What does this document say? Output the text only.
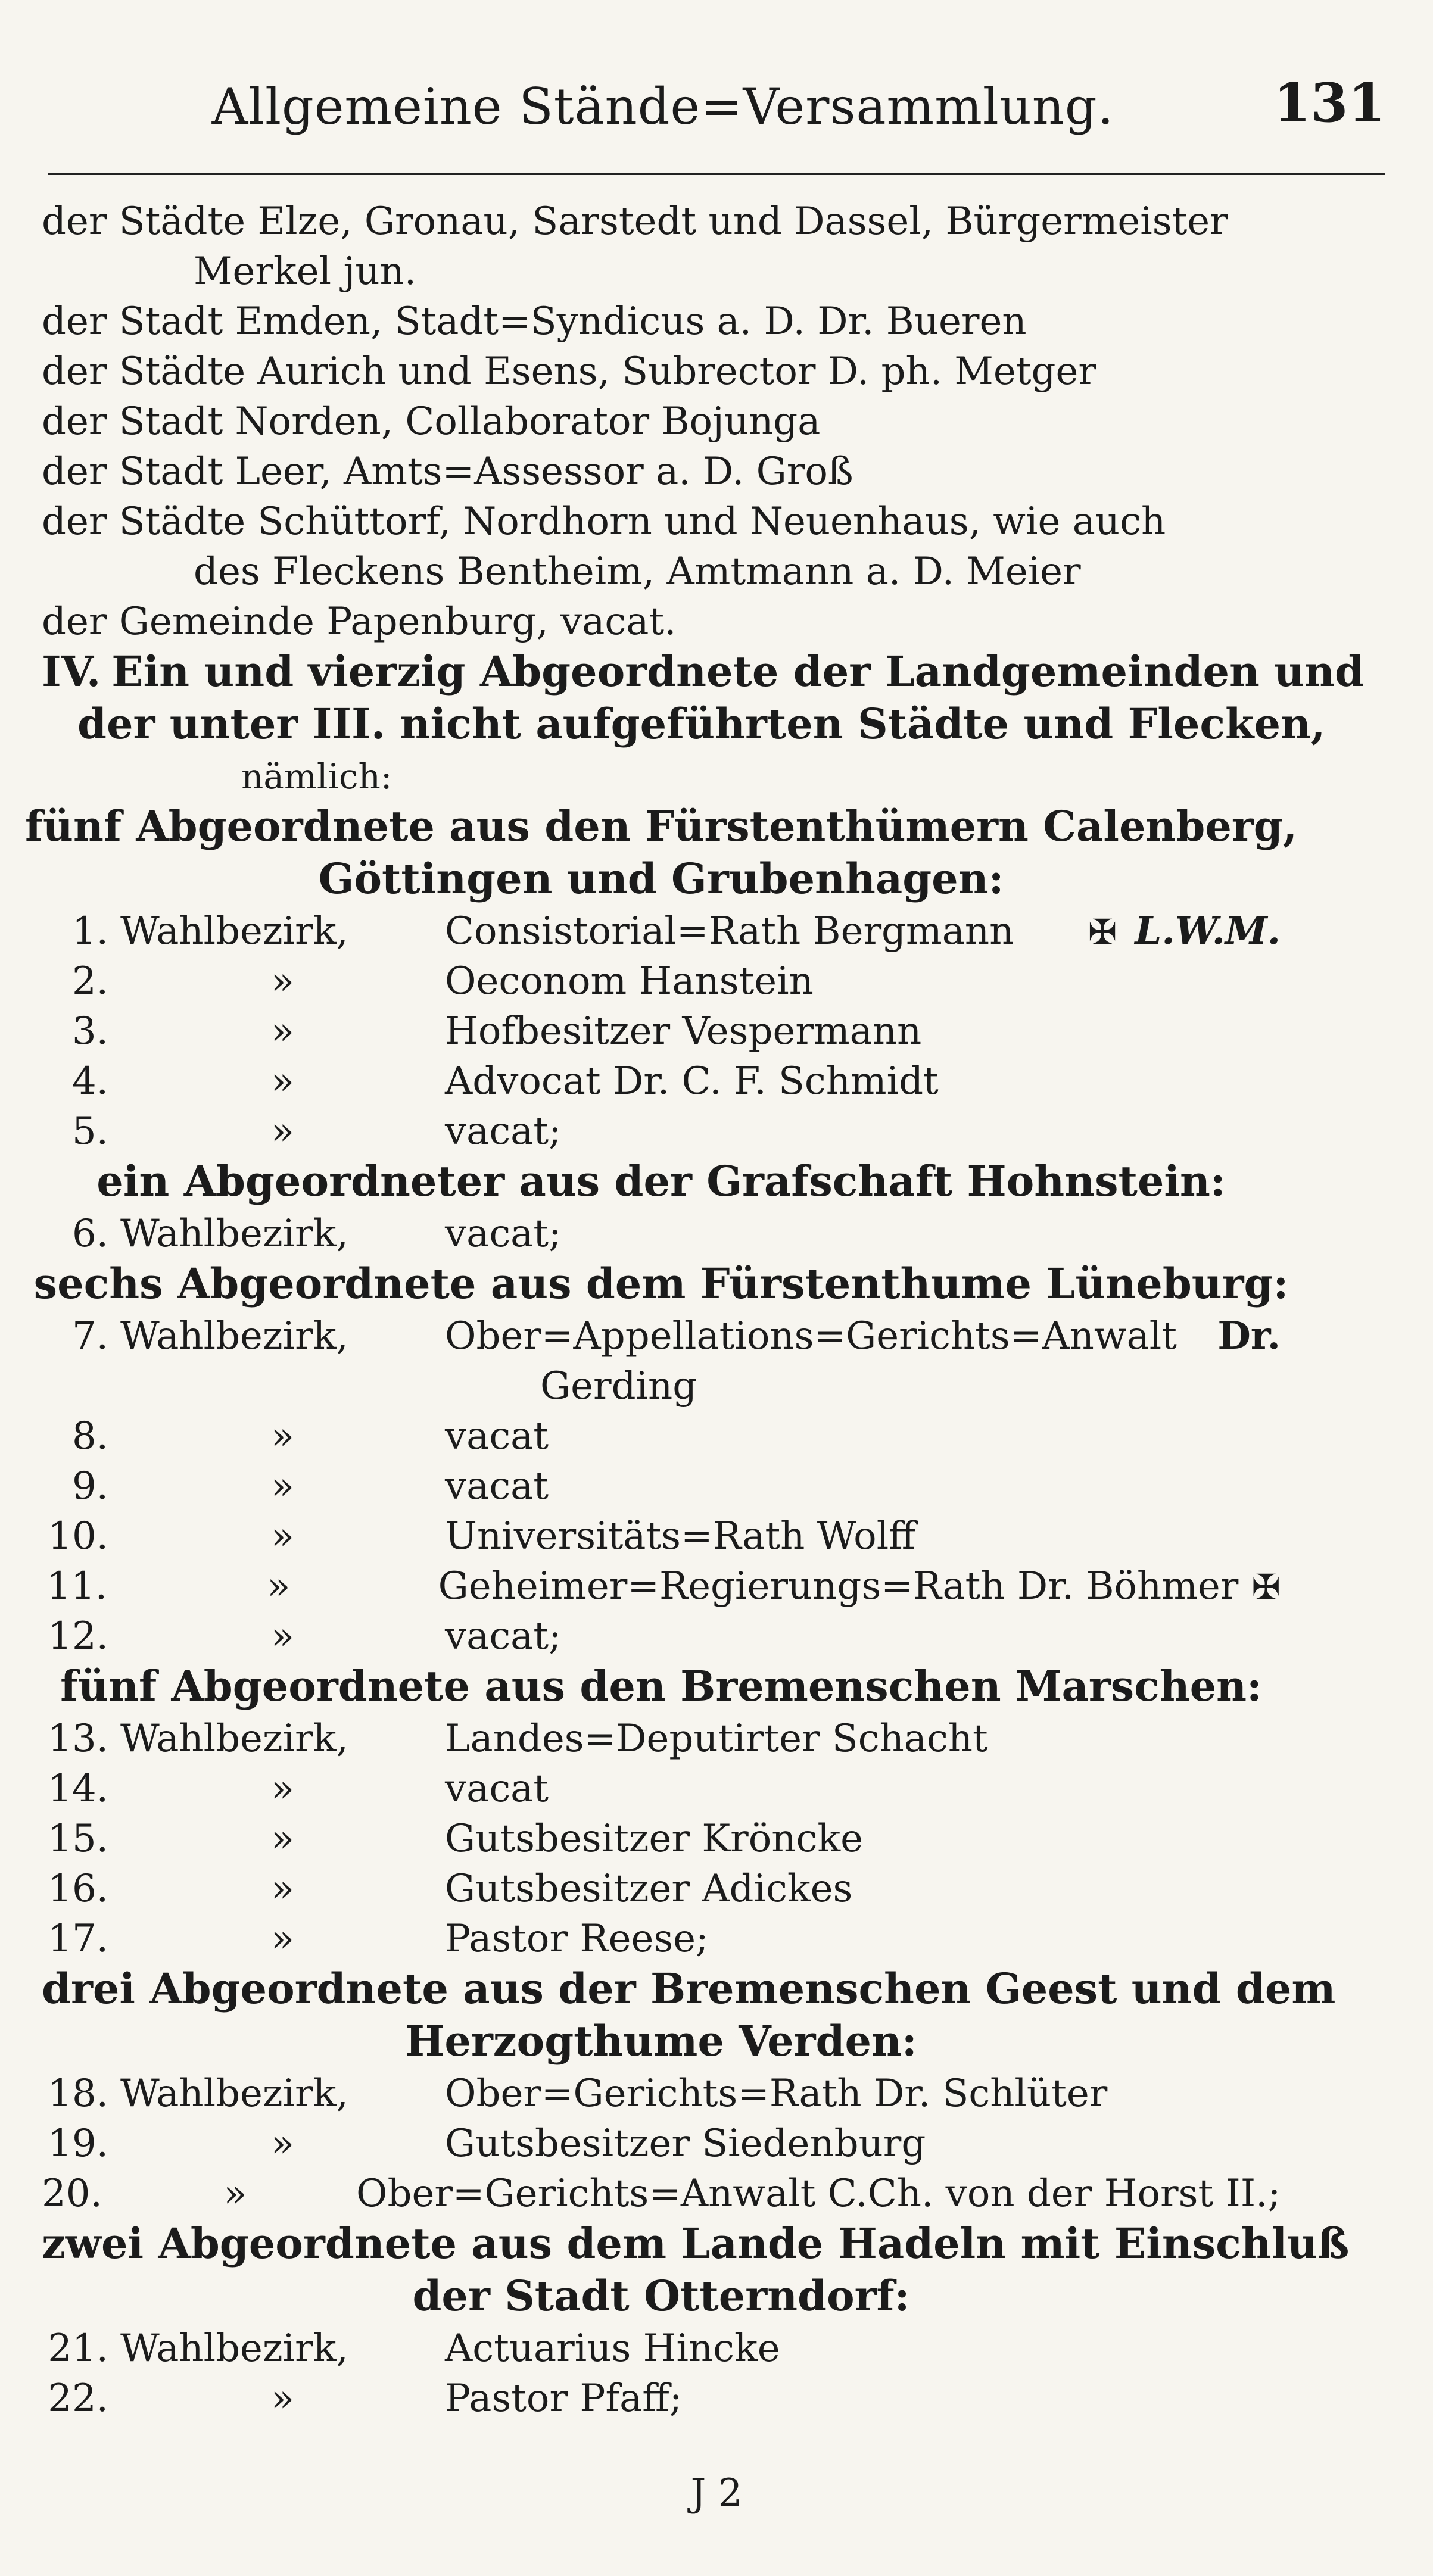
Allgemeine Stände=Versammlung.	131
der Städte Elze, Gronau, Sarstedt und Dassel, Bürgermeister
Merkel jun.
der Stadt Emden, Stadt=Syndicus a. D. Dr. Bueren
der Städte Aurich und Esens, Subrector D. ph. Metger
der Stadt Norden, Collaborator Bojunga
der Stadt Leer, Amts=Assessor a. D. Groß
der Städte Schüttorf, Nordhorn und Neuenhaus, wie auch
des Fleckens Bentheim, Amtmann a. D. Meier
der Gemeinde Papenburg, vacat.
IV. Ein und vierzig Abgeordnete der Landgemeinden und
der unter III. nicht aufgeführten Städte und Flecken,
nämlich:
fünf Abgeordnete aus den Fürstenthümern Calenberg,
Göttingen und Grubenhagen:
1. Wahlbezirk,	Consistorial=Rath Bergmann	✠ L.W.M.
2.	»	Oeconom Hanstein
3.	»	Hofbesitzer Vespermann
4.	»	Advocat Dr. C. F. Schmidt
5.	»	vacat;
ein Abgeordneter aus der Grafschaft Hohnstein:
6. Wahlbezirk,	vacat;
sechs Abgeordnete aus dem Fürstenthume Lüneburg:
7. Wahlbezirk,	Ober=Appellations=Gerichts=Anwalt	Dr.
Gerding
8.	»	vacat
9.	»	vacat
10.	»	Universitäts=Rath Wolff
11.	»	Geheimer=Regierungs=Rath Dr. Böhmer ✠
12.	»	vacat;
fünf Abgeordnete aus den Bremenschen Marschen:
13. Wahlbezirk,	Landes=Deputirter Schacht
14.	»	vacat
15.	»	Gutsbesitzer Kröncke
16.	»	Gutsbesitzer Adickes
17.	»	Pastor Reese;
drei Abgeordnete aus der Bremenschen Geest und dem
Herzogthume Verden:
18. Wahlbezirk,	Ober=Gerichts=Rath Dr. Schlüter
19.	»	Gutsbesitzer Siedenburg
20.	»	Ober=Gerichts=Anwalt C.Ch. von der Horst II.;
zwei Abgeordnete aus dem Lande Hadeln mit Einschluß
der Stadt Otterndorf:
21. Wahlbezirk,	Actuarius Hincke
22.	»	Pastor Pfaff;
J 2
